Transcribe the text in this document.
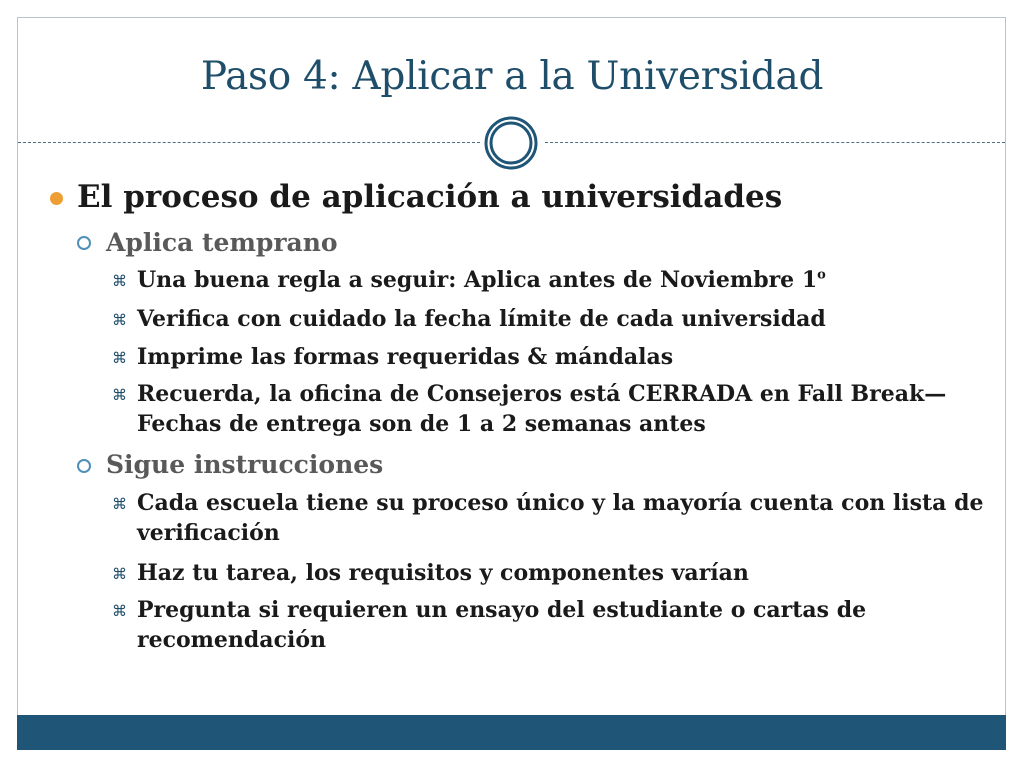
Paso 4: Aplicar a la Universidad
El proceso de aplicación a universidades
Aplica temprano
⌘ Una buena regla a seguir: Aplica antes de Noviembre 1$^o$
⌘ Verifica con cuidado la fecha límite de cada universidad
⌘ Imprime las formas requeridas & mándalas
⌘ Recuerda, la oficina de Consejeros está CERRADA en Fall Break—Fechas de entrega son de 1 a 2 semanas antes
Sigue instrucciones
⌘ Cada escuela tiene su proceso único y la mayoría cuenta con lista de verificación
⌘ Haz tu tarea, los requisitos y componentes varían
⌘ Pregunta si requieren un ensayo del estudiante o cartas de recomendación
